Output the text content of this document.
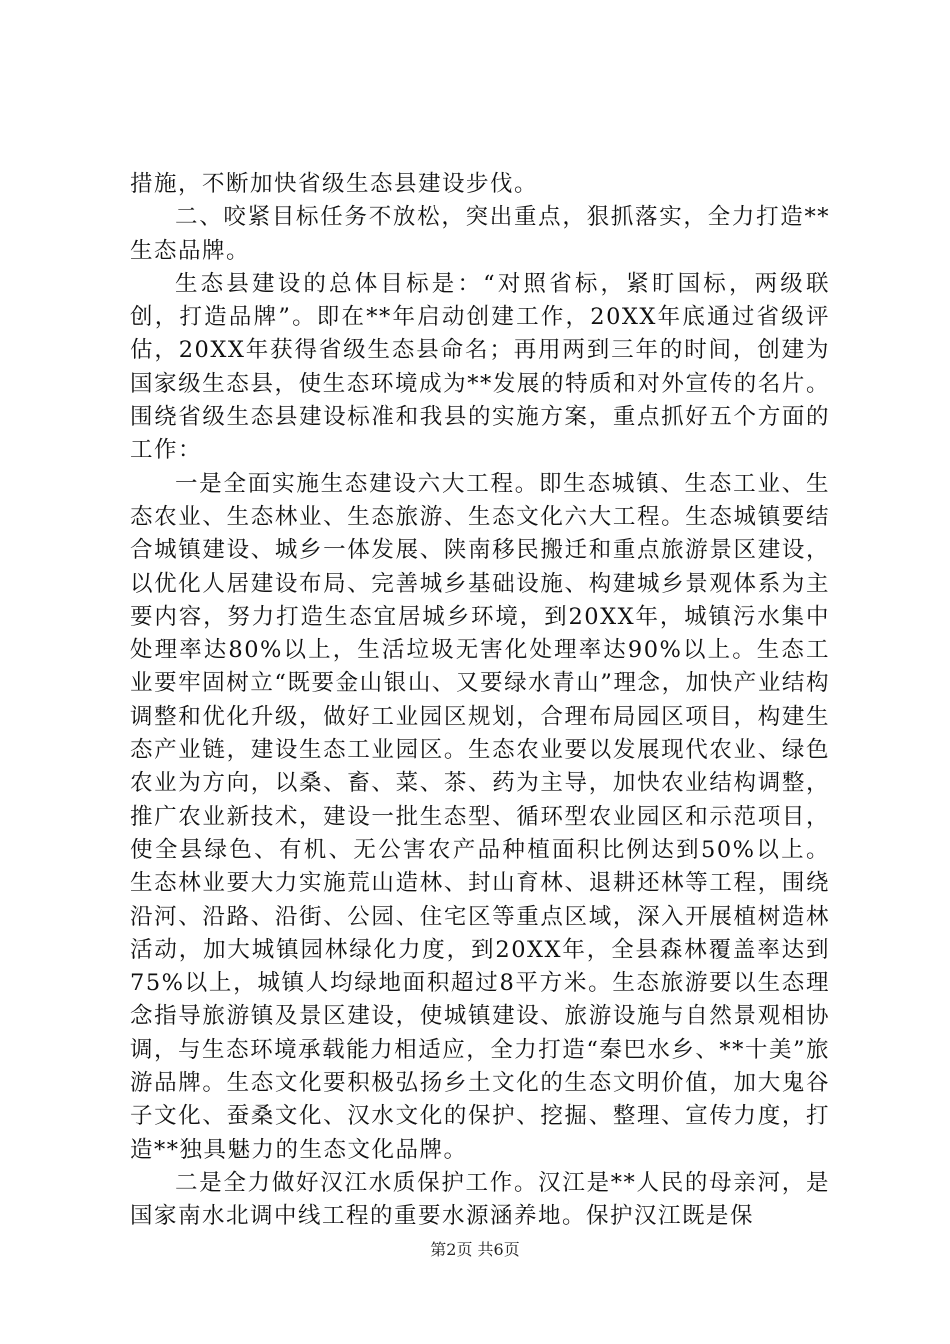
措施，不断加快省级生态县建设步伐。

二、咬紧目标任务不放松，突出重点，狠抓落实，全力打造**生态品牌。

生态县建设的总体目标是：“对照省标，紧盯国标，两级联创，打造品牌”。即在**年启动创建工作，20XX年底通过省级评估，20XX年获得省级生态县命名；再用两到三年的时间，创建为国家级生态县，使生态环境成为**发展的特质和对外宣传的名片。围绕省级生态县建设标准和我县的实施方案，重点抓好五个方面的工作：

一是全面实施生态建设六大工程。即生态城镇、生态工业、生态农业、生态林业、生态旅游、生态文化六大工程。生态城镇要结合城镇建设、城乡一体发展、陕南移民搬迁和重点旅游景区建设，以优化人居建设布局、完善城乡基础设施、构建城乡景观体系为主要内容，努力打造生态宜居城乡环境，到20XX年，城镇污水集中处理率达80%以上，生活垃圾无害化处理率达90%以上。生态工业要牢固树立“既要金山银山、又要绿水青山”理念，加快产业结构调整和优化升级，做好工业园区规划，合理布局园区项目，构建生态产业链，建设生态工业园区。生态农业要以发展现代农业、绿色农业为方向，以桑、畜、菜、茶、药为主导，加快农业结构调整，推广农业新技术，建设一批生态型、循环型农业园区和示范项目，使全县绿色、有机、无公害农产品种植面积比例达到50%以上。生态林业要大力实施荒山造林、封山育林、退耕还林等工程，围绕沿河、沿路、沿街、公园、住宅区等重点区域，深入开展植树造林活动，加大城镇园林绿化力度，到20XX年，全县森林覆盖率达到75%以上，城镇人均绿地面积超过8平方米。生态旅游要以生态理念指导旅游镇及景区建设，使城镇建设、旅游设施与自然景观相协调，与生态环境承载能力相适应，全力打造“秦巴水乡、**十美”旅游品牌。生态文化要积极弘扬乡土文化的生态文明价值，加大鬼谷子文化、蚕桑文化、汉水文化的保护、挖掘、整理、宣传力度，打造**独具魅力的生态文化品牌。

二是全力做好汉江水质保护工作。汉江是**人民的母亲河，是国家南水北调中线工程的重要水源涵养地。保护汉江既是保

第2页 共6页
